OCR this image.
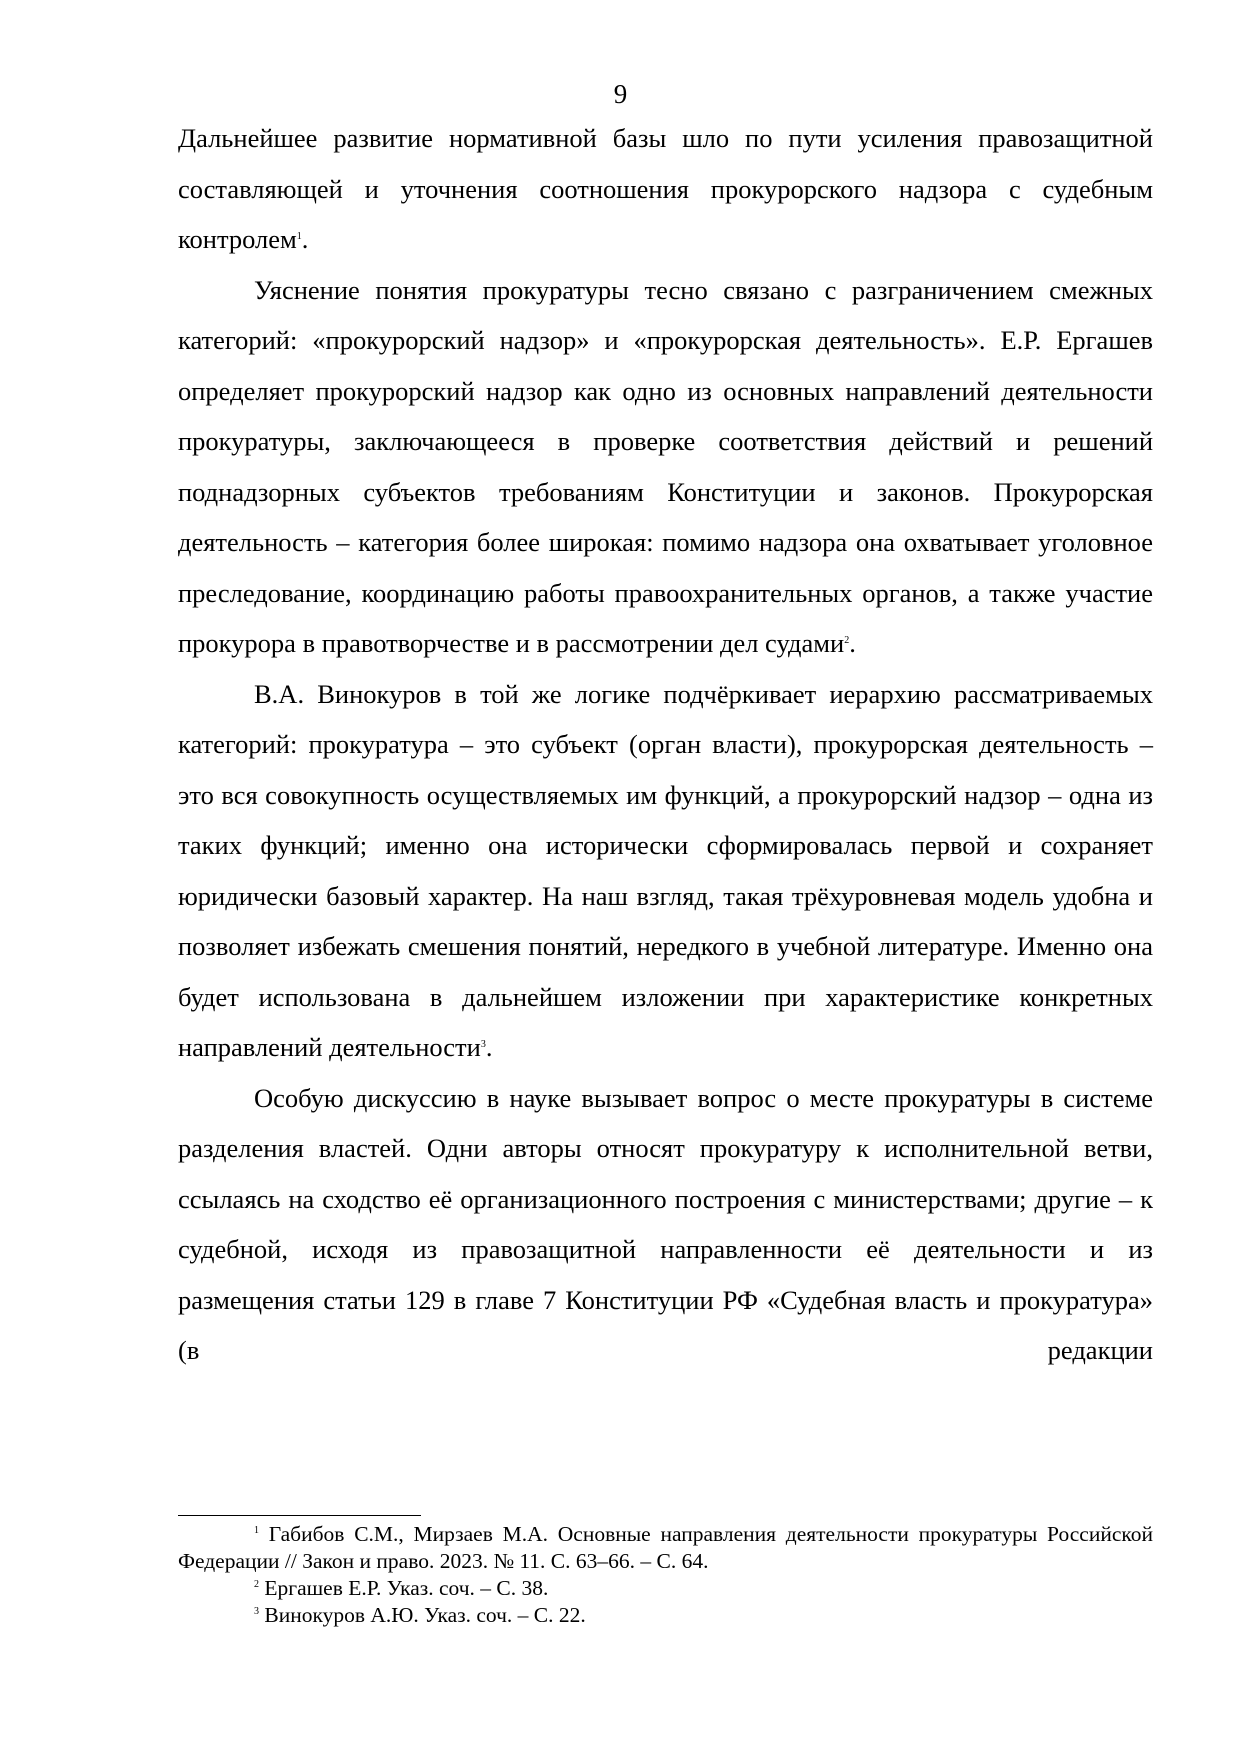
9

Дальнейшее развитие нормативной базы шло по пути усиления правозащитной составляющей и уточнения соотношения прокурорского надзора с судебным контролем$^1$.

Уяснение понятия прокуратуры тесно связано с разграничением смежных категорий: «прокурорский надзор» и «прокурорская деятельность». Е.Р. Ергашев определяет прокурорский надзор как одно из основных направлений деятельности прокуратуры, заключающееся в проверке соответствия действий и решений поднадзорных субъектов требованиям Конституции и законов. Прокурорская деятельность – категория более широкая: помимо надзора она охватывает уголовное преследование, координацию работы правоохранительных органов, а также участие прокурора в правотворчестве и в рассмотрении дел судами$^2$.

В.А. Винокуров в той же логике подчёркивает иерархию рассматриваемых категорий: прокуратура – это субъект (орган власти), прокурорская деятельность – это вся совокупность осуществляемых им функций, а прокурорский надзор – одна из таких функций; именно она исторически сформировалась первой и сохраняет юридически базовый характер. На наш взгляд, такая трёхуровневая модель удобна и позволяет избежать смешения понятий, нередкого в учебной литературе. Именно она будет использована в дальнейшем изложении при характеристике конкретных направлений деятельности$^3$.

Особую дискуссию в науке вызывает вопрос о месте прокуратуры в системе разделения властей. Одни авторы относят прокуратуру к исполнительной ветви, ссылаясь на сходство её организационного построения с министерствами; другие – к судебной, исходя из правозащитной направленности её деятельности и из размещения статьи 129 в главе 7 Конституции РФ «Судебная власть и прокуратура» (в редакции

$^1$ Габибов С.М., Мирзаев М.А. Основные направления деятельности прокуратуры Российской Федерации // Закон и право. 2023. № 11. С. 63–66. – С. 64.

$^2$ Ергашев Е.Р. Указ. соч. – С. 38.

$^3$ Винокуров А.Ю. Указ. соч. – С. 22.
